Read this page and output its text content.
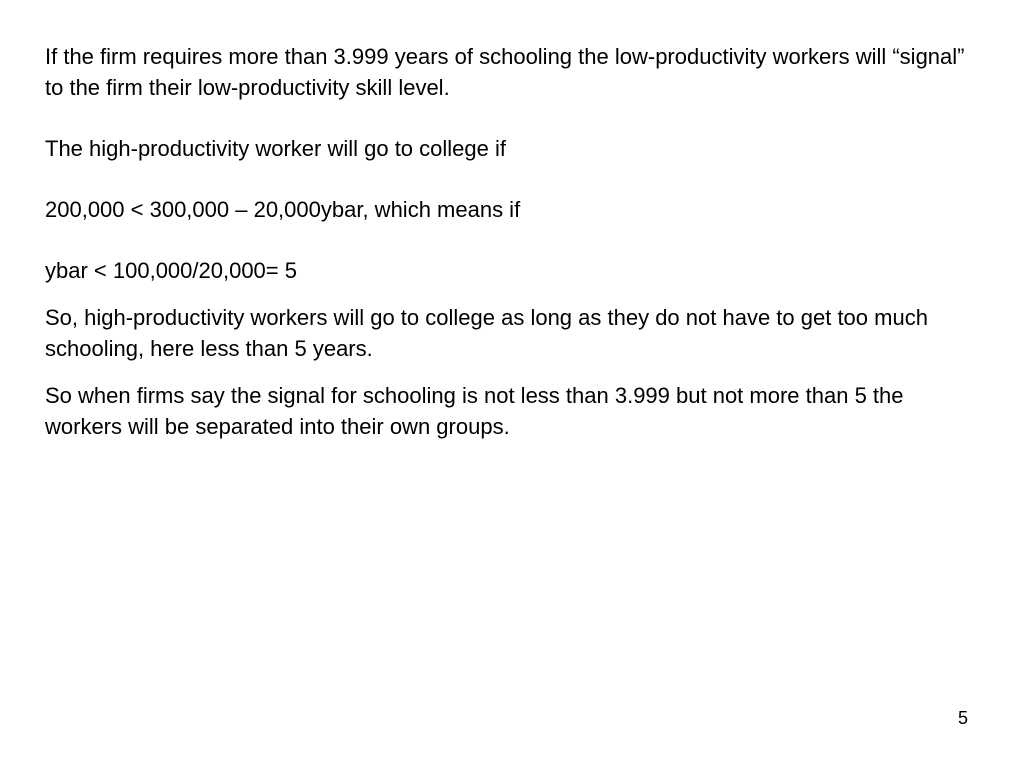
If the firm requires more than 3.999 years of schooling the low-productivity workers will “signal” to the firm their low-productivity skill level.

The high-productivity worker will go to college if

200,000 < 300,000 – 20,000ybar, which means if

ybar < 100,000/20,000= 5

So, high-productivity workers will go to college as long as they do not have to get too much schooling, here less than 5 years.

So when firms say the signal for schooling is not less than 3.999 but not more than 5 the workers will be separated into their own groups.

5
